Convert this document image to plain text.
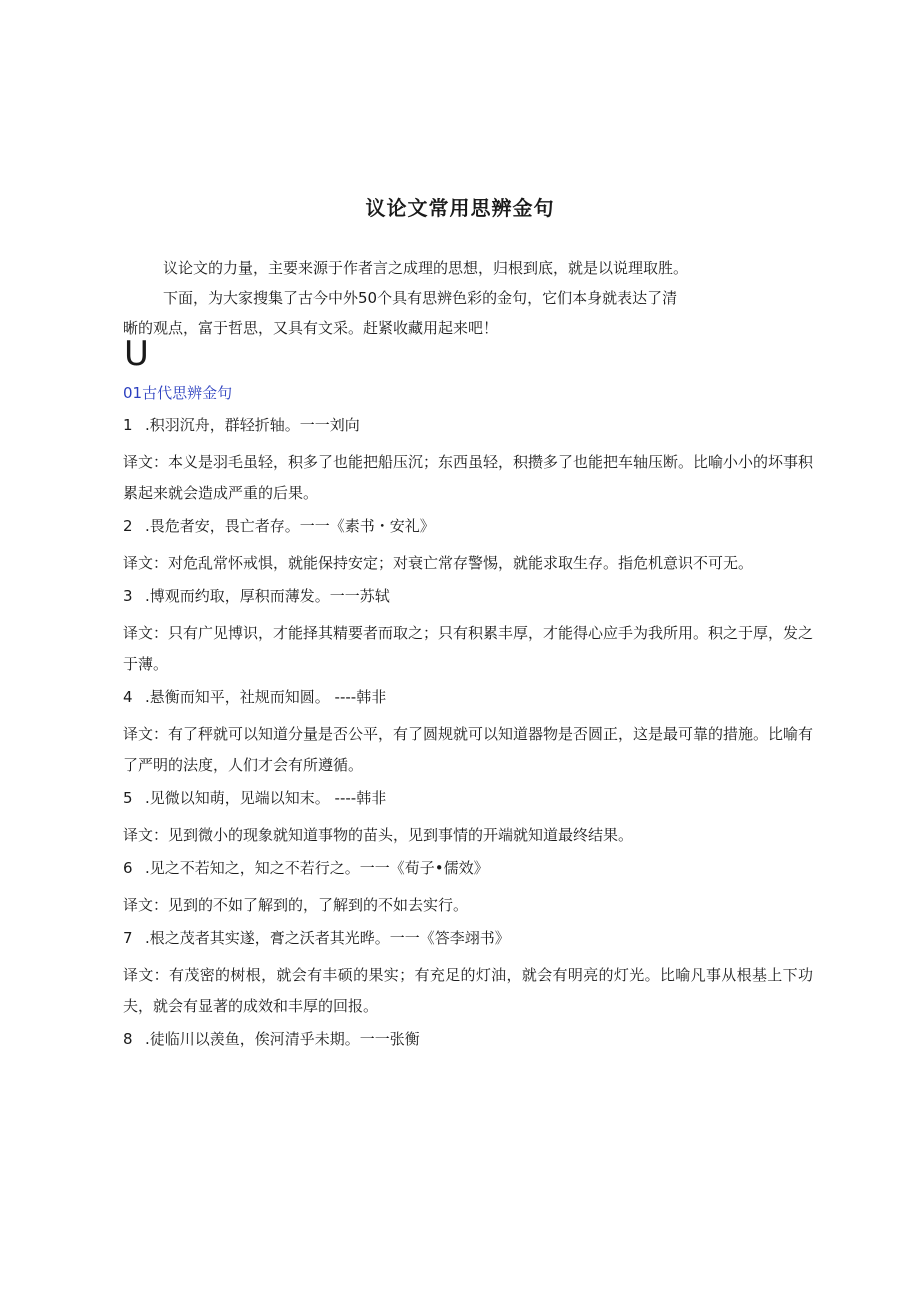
议论文常用思辨金句

议论文的力量，主要来源于作者言之成理的思想，归根到底，就是以说理取胜。

下面，为大家搜集了古今中外50个具有思辨色彩的金句，它们本身就表达了清

晰的观点，富于哲思，又具有文采。赶紧收藏用起来吧！

U
01古代思辨金句
1 .积羽沉舟，群轻折轴。一一刘向
译文：本义是羽毛虽轻，积多了也能把船压沉；东西虽轻，积攒多了也能把车轴压断。比喻小小的坏事积累起来就会造成严重的后果。
2 .畏危者安，畏亡者存。一一《素书・安礼》
译文：对危乱常怀戒惧，就能保持安定；对衰亡常存警惕，就能求取生存。指危机意识不可无。
3 .博观而约取，厚积而薄发。一一苏轼
译文：只有广见博识，才能择其精要者而取之；只有积累丰厚，才能得心应手为我所用。积之于厚，发之于薄。
4 .悬衡而知平，社规而知圆。 ----韩非
译文：有了秤就可以知道分量是否公平，有了圆规就可以知道器物是否圆正，这是最可靠的措施。比喻有了严明的法度，人们才会有所遵循。
5 .见微以知萌，见端以知末。 ----韩非
译文：见到微小的现象就知道事物的苗头，见到事情的开端就知道最终结果。
6 .见之不若知之，知之不若行之。一一《荀子•儒效》
译文：见到的不如了解到的，了解到的不如去实行。
7 .根之茂者其实遂，膏之沃者其光晔。一一《答李翊书》
译文：有茂密的树根，就会有丰硕的果实；有充足的灯油，就会有明亮的灯光。比喻凡事从根基上下功夫，就会有显著的成效和丰厚的回报。
8 .徒临川以羡鱼，俟河清乎未期。一一张衡
